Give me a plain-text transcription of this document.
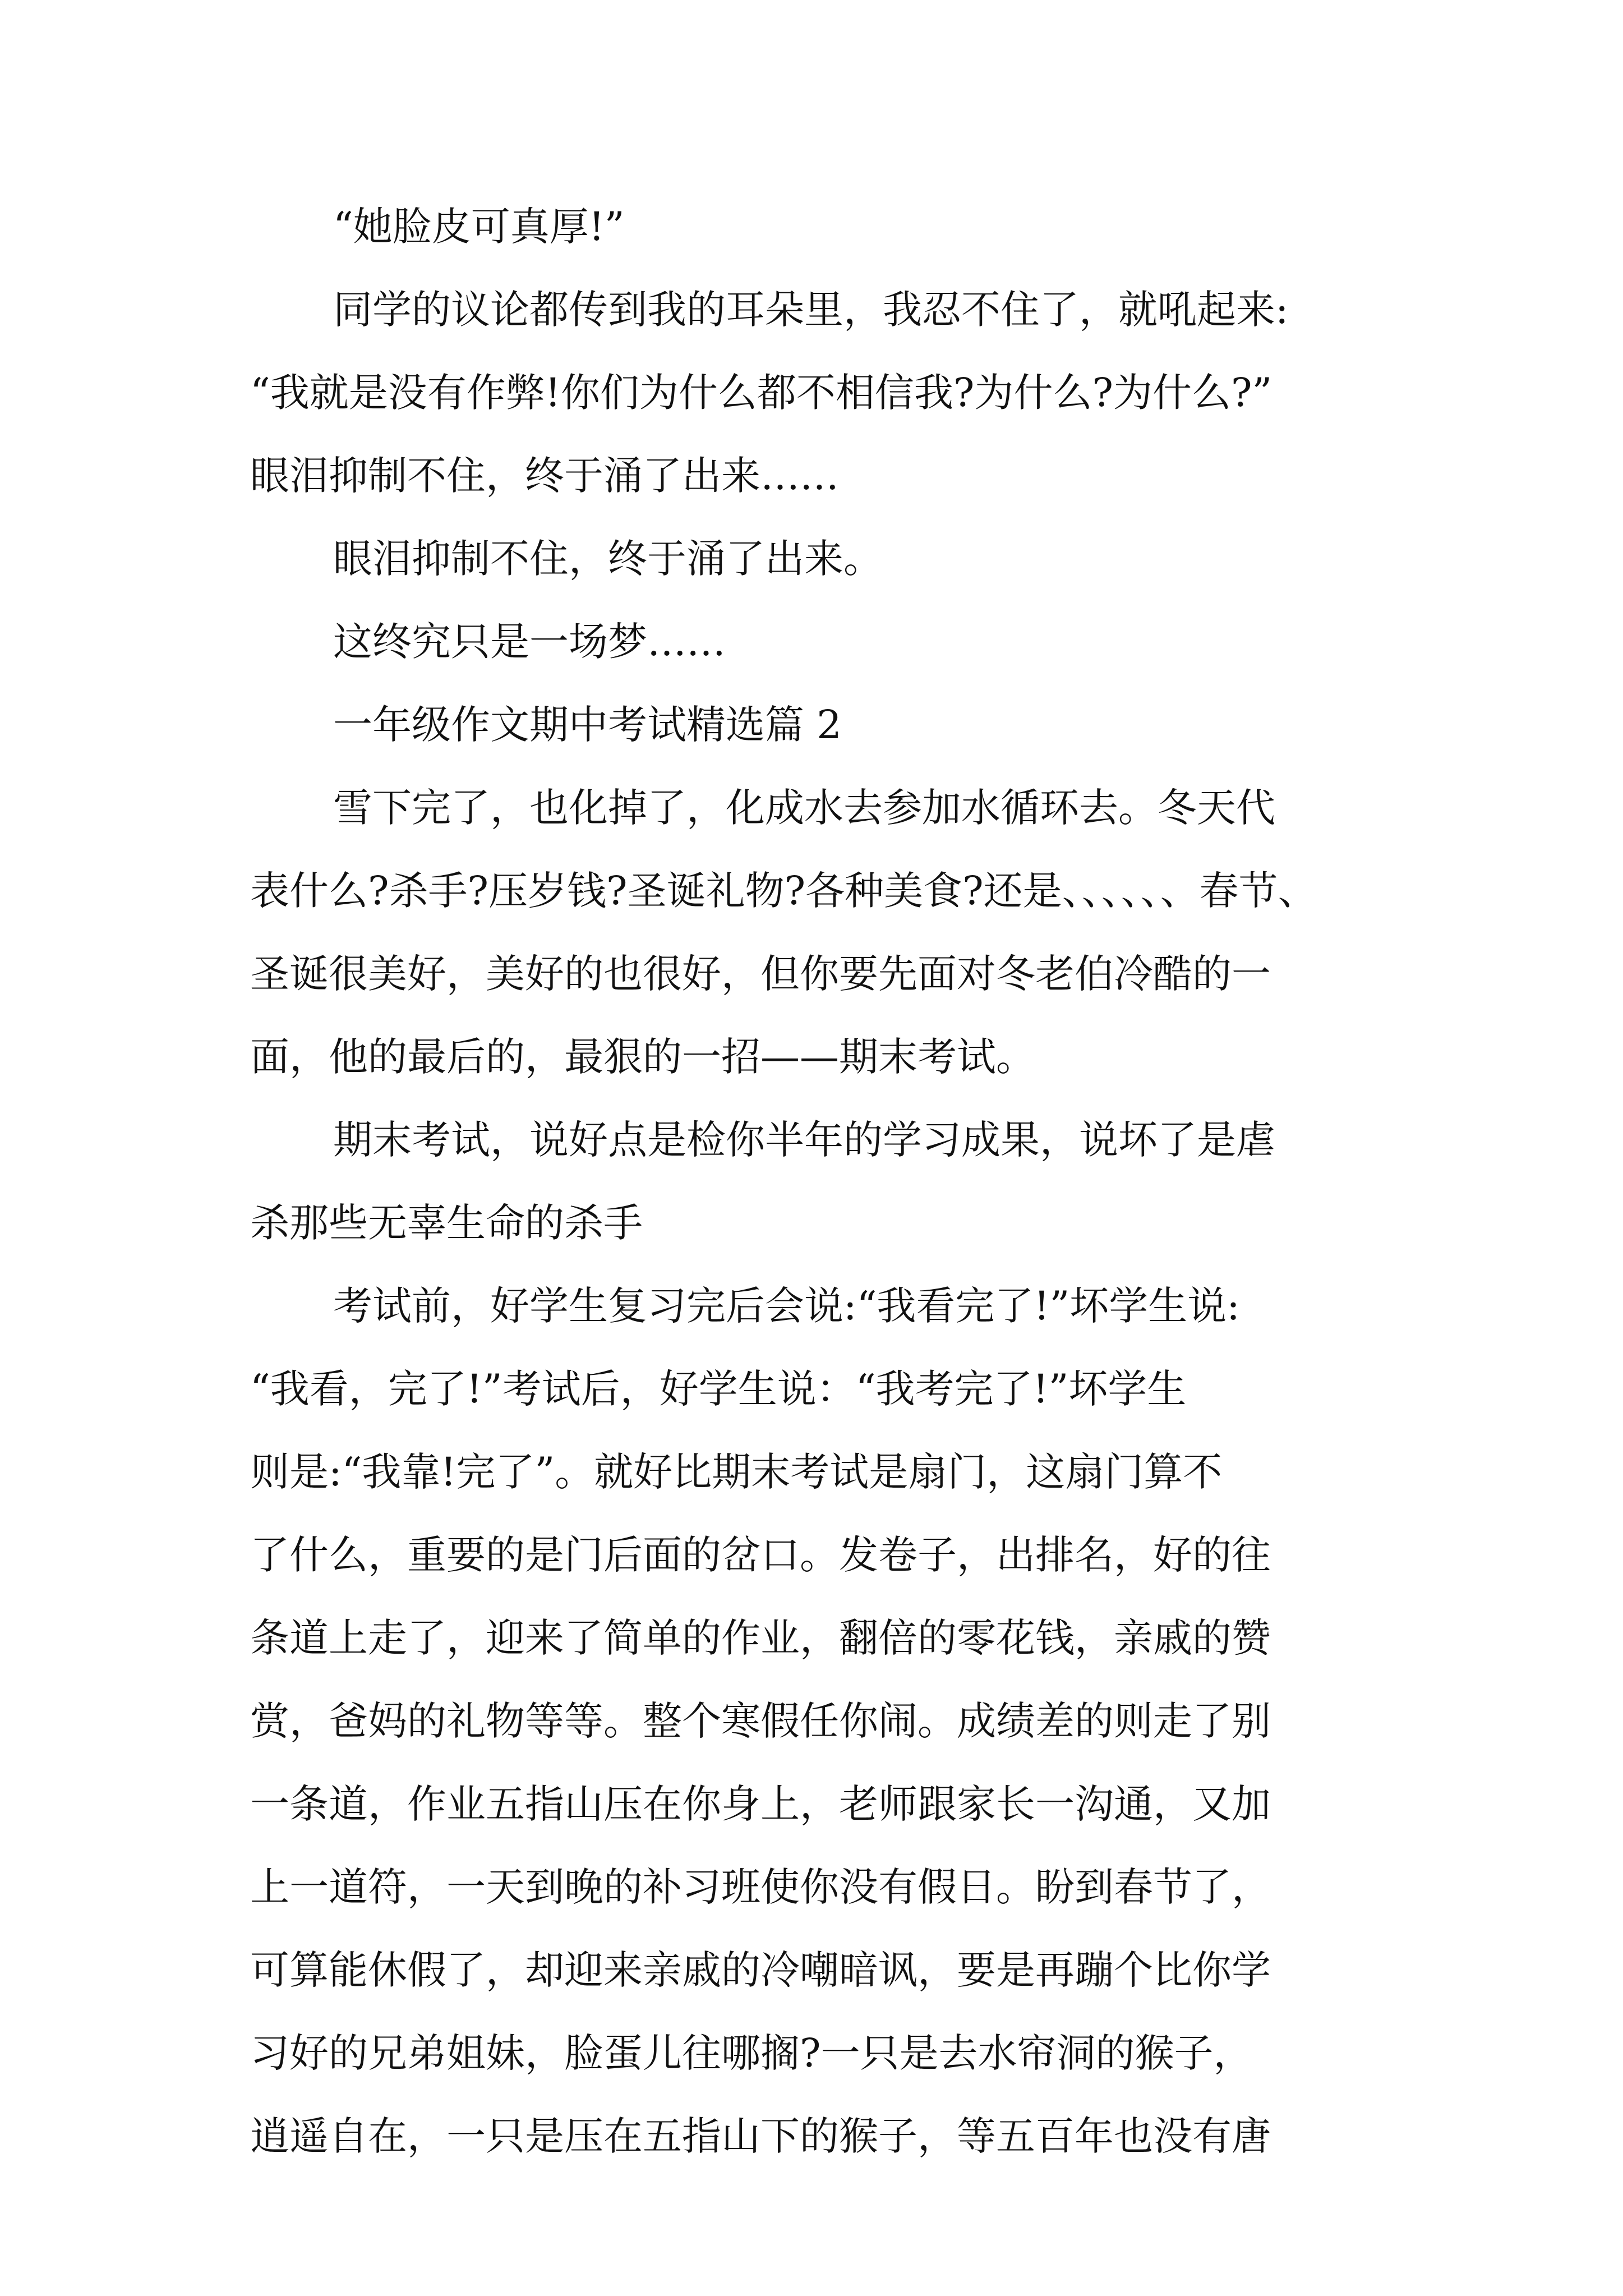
“她脸皮可真厚!”
同学的议论都传到我的耳朵里，我忍不住了，就吼起来:
“我就是没有作弊!你们为什么都不相信我?为什么?为什么?”
眼泪抑制不住，终于涌了出来……
眼泪抑制不住，终于涌了出来。
这终究只是一场梦……
一年级作文期中考试精选篇 2
雪下完了，也化掉了，化成水去参加水循环去。冬天代
表什么?杀手?压岁钱?圣诞礼物?各种美食?还是、、、、、、春节、
圣诞很美好，美好的也很好，但你要先面对冬老伯冷酷的一
面，他的最后的，最狠的一招——期末考试。
期末考试，说好点是检你半年的学习成果，说坏了是虐
杀那些无辜生命的杀手
考试前，好学生复习完后会说:“我看完了!”坏学生说:
“我看，完了!”考试后，好学生说：“我考完了!”坏学生
则是:“我靠!完了”。就好比期末考试是扇门，这扇门算不
了什么，重要的是门后面的岔口。发卷子，出排名，好的往
条道上走了，迎来了简单的作业，翻倍的零花钱，亲戚的赞
赏，爸妈的礼物等等。整个寒假任你闹。成绩差的则走了别
一条道，作业五指山压在你身上，老师跟家长一沟通，又加
上一道符，一天到晚的补习班使你没有假日。盼到春节了，
可算能休假了，却迎来亲戚的冷嘲暗讽，要是再蹦个比你学
习好的兄弟姐妹，脸蛋儿往哪搁?一只是去水帘洞的猴子，
逍遥自在，一只是压在五指山下的猴子，等五百年也没有唐
